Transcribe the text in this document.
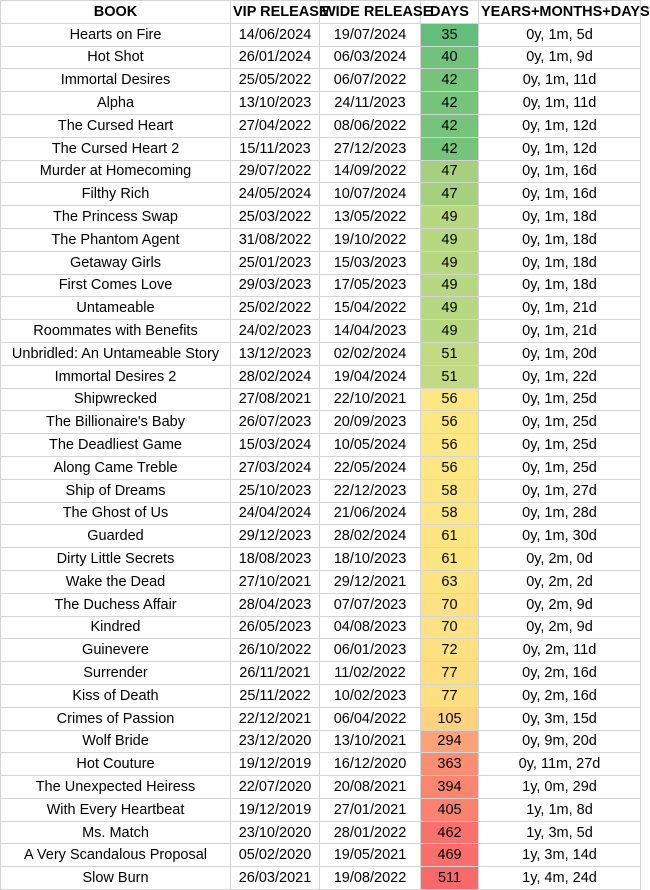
BOOK	VIP RELEASE	WIDE RELEASE	DAYS	YEARS+MONTHS+DAYS
Hearts on Fire	14/06/2024	19/07/2024	35	0y, 1m, 5d
Hot Shot	26/01/2024	06/03/2024	40	0y, 1m, 9d
Immortal Desires	25/05/2022	06/07/2022	42	0y, 1m, 11d
Alpha	13/10/2023	24/11/2023	42	0y, 1m, 11d
The Cursed Heart	27/04/2022	08/06/2022	42	0y, 1m, 12d
The Cursed Heart 2	15/11/2023	27/12/2023	42	0y, 1m, 12d
Murder at Homecoming	29/07/2022	14/09/2022	47	0y, 1m, 16d
Filthy Rich	24/05/2024	10/07/2024	47	0y, 1m, 16d
The Princess Swap	25/03/2022	13/05/2022	49	0y, 1m, 18d
The Phantom Agent	31/08/2022	19/10/2022	49	0y, 1m, 18d
Getaway Girls	25/01/2023	15/03/2023	49	0y, 1m, 18d
First Comes Love	29/03/2023	17/05/2023	49	0y, 1m, 18d
Untameable	25/02/2022	15/04/2022	49	0y, 1m, 21d
Roommates with Benefits	24/02/2023	14/04/2023	49	0y, 1m, 21d
Unbridled: An Untameable Story	13/12/2023	02/02/2024	51	0y, 1m, 20d
Immortal Desires 2	28/02/2024	19/04/2024	51	0y, 1m, 22d
Shipwrecked	27/08/2021	22/10/2021	56	0y, 1m, 25d
The Billionaire's Baby	26/07/2023	20/09/2023	56	0y, 1m, 25d
The Deadliest Game	15/03/2024	10/05/2024	56	0y, 1m, 25d
Along Came Treble	27/03/2024	22/05/2024	56	0y, 1m, 25d
Ship of Dreams	25/10/2023	22/12/2023	58	0y, 1m, 27d
The Ghost of Us	24/04/2024	21/06/2024	58	0y, 1m, 28d
Guarded	29/12/2023	28/02/2024	61	0y, 1m, 30d
Dirty Little Secrets	18/08/2023	18/10/2023	61	0y, 2m, 0d
Wake the Dead	27/10/2021	29/12/2021	63	0y, 2m, 2d
The Duchess Affair	28/04/2023	07/07/2023	70	0y, 2m, 9d
Kindred	26/05/2023	04/08/2023	70	0y, 2m, 9d
Guinevere	26/10/2022	06/01/2023	72	0y, 2m, 11d
Surrender	26/11/2021	11/02/2022	77	0y, 2m, 16d
Kiss of Death	25/11/2022	10/02/2023	77	0y, 2m, 16d
Crimes of Passion	22/12/2021	06/04/2022	105	0y, 3m, 15d
Wolf Bride	23/12/2020	13/10/2021	294	0y, 9m, 20d
Hot Couture	19/12/2019	16/12/2020	363	0y, 11m, 27d
The Unexpected Heiress	22/07/2020	20/08/2021	394	1y, 0m, 29d
With Every Heartbeat	19/12/2019	27/01/2021	405	1y, 1m, 8d
Ms. Match	23/10/2020	28/01/2022	462	1y, 3m, 5d
A Very Scandalous Proposal	05/02/2020	19/05/2021	469	1y, 3m, 14d
Slow Burn	26/03/2021	19/08/2022	511	1y, 4m, 24d
